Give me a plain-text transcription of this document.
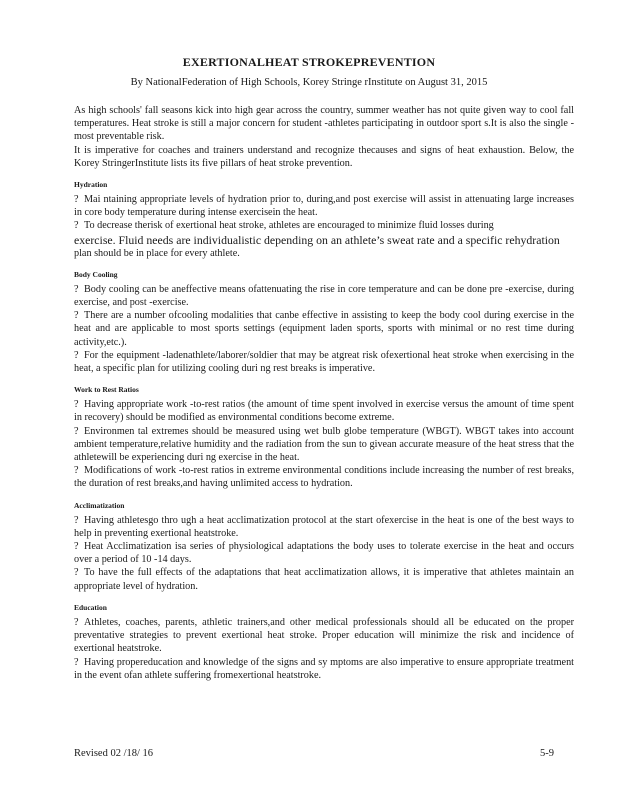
EXERTIONALHEAT STROKEPREVENTION
By NationalFederation of High Schools, Korey Stringe rInstitute on August 31, 2015

As high schools' fall seasons kick into high gear across the country, summer weather has not quite given way to cool fall temperatures. Heat stroke is still a major concern for student -athletes participating in outdoor sport s.It is also the single -most preventable risk.

It is imperative for coaches and trainers understand and recognize thecauses and signs of heat exhaustion. Below, the Korey StringerInstitute lists its five pillars of heat stroke prevention.

Hydration

? Mai ntaining appropriate levels of hydration prior to, during,and post exercise will assist in attenuating large increases in core body temperature during intense exercisein the heat.

? To decrease therisk of exertional heat stroke, athletes are encouraged to minimize fluid losses during

exercise. Fluid needs are individualistic depending on an athlete’s sweat rate and a specific rehydration

plan should be in place for every athlete.

Body Cooling

? Body cooling can be aneffective means ofattenuating the rise in core temperature and can be done pre -exercise, during exercise, and post -exercise.

? There are a number ofcooling modalities that canbe effective in assisting to keep the body cool during exercise in the heat and are applicable to most sports settings (equipment laden sports, sports with minimal or no rest time during activity,etc.).

? For the equipment -ladenathlete/laborer/soldier that may be atgreat risk ofexertional heat stroke when exercising in the heat, a specific plan for utilizing cooling duri ng rest breaks is imperative.

Work to Rest Ratios

? Having appropriate work -to-rest ratios (the amount of time spent involved in exercise versus the amount of time spent in recovery) should be modified as environmental conditions become extreme.

? Environmen tal extremes should be measured using wet bulb globe temperature (WBGT). WBGT takes into account ambient temperature,relative humidity and the radiation from the sun to givean accurate measure of the heat stress that the athletewill be experiencing duri ng exercise in the heat.

? Modifications of work -to-rest ratios in extreme environmental conditions include increasing the number of rest breaks, the duration of rest breaks,and having unlimited access to hydration.

Acclimatization

? Having athletesgo thro ugh a heat acclimatization protocol at the start ofexercise in the heat is one of the best ways to help in preventing exertional heatstroke.

? Heat Acclimatization isa series of physiological adaptations the body uses to tolerate exercise in the heat and occurs over a period of 10 -14 days.

? To have the full effects of the adaptations that heat acclimatization allows, it is imperative that athletes maintain an appropriate level of hydration.

Education

? Athletes, coaches, parents, athletic trainers,and other medical professionals should all be educated on the proper preventative strategies to prevent exertional heat stroke. Proper education will minimize the risk and incidence of exertional heatstroke.

? Having propereducation and knowledge of the signs and sy mptoms are also imperative to ensure appropriate treatment in the event ofan athlete suffering fromexertional heatstroke.

Revised 02 /18/ 16	5-9
